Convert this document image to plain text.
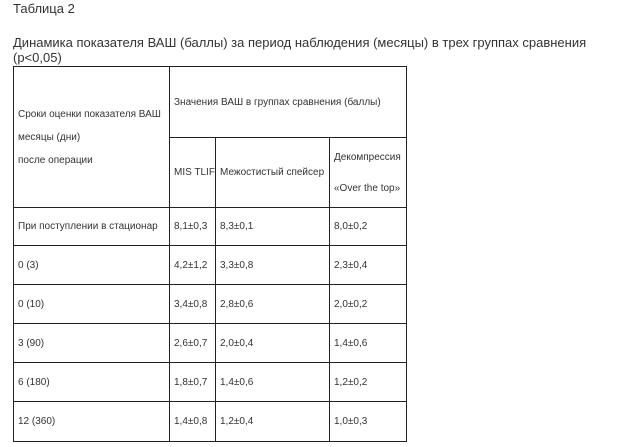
Таблица 2
Динамика показателя ВАШ (баллы) за период наблюдения (месяцы) в трех группах сравнения (р<0,05)
Сроки оценки показателя ВАШ
месяцы (дни)
после операции	Значения ВАШ в группах сравнения (баллы)		
	MIS TLIF	Межостистый спейсер	Декомпрессия
«Over the top»

При поступлении в стационар	8,1±0,3	8,3±0,1	8,0±0,2
0 (3)	4,2±1,2	3,3±0,8	2,3±0,4
0 (10)	3,4±0,8	2,8±0,6	2,0±0,2
3 (90)	2,6±0,7	2,0±0,4	1,4±0,6
6 (180)	1,8±0,7	1,4±0,6	1,2±0,2
12 (360)	1,4±0,8	1,2±0,4	1,0±0,3
